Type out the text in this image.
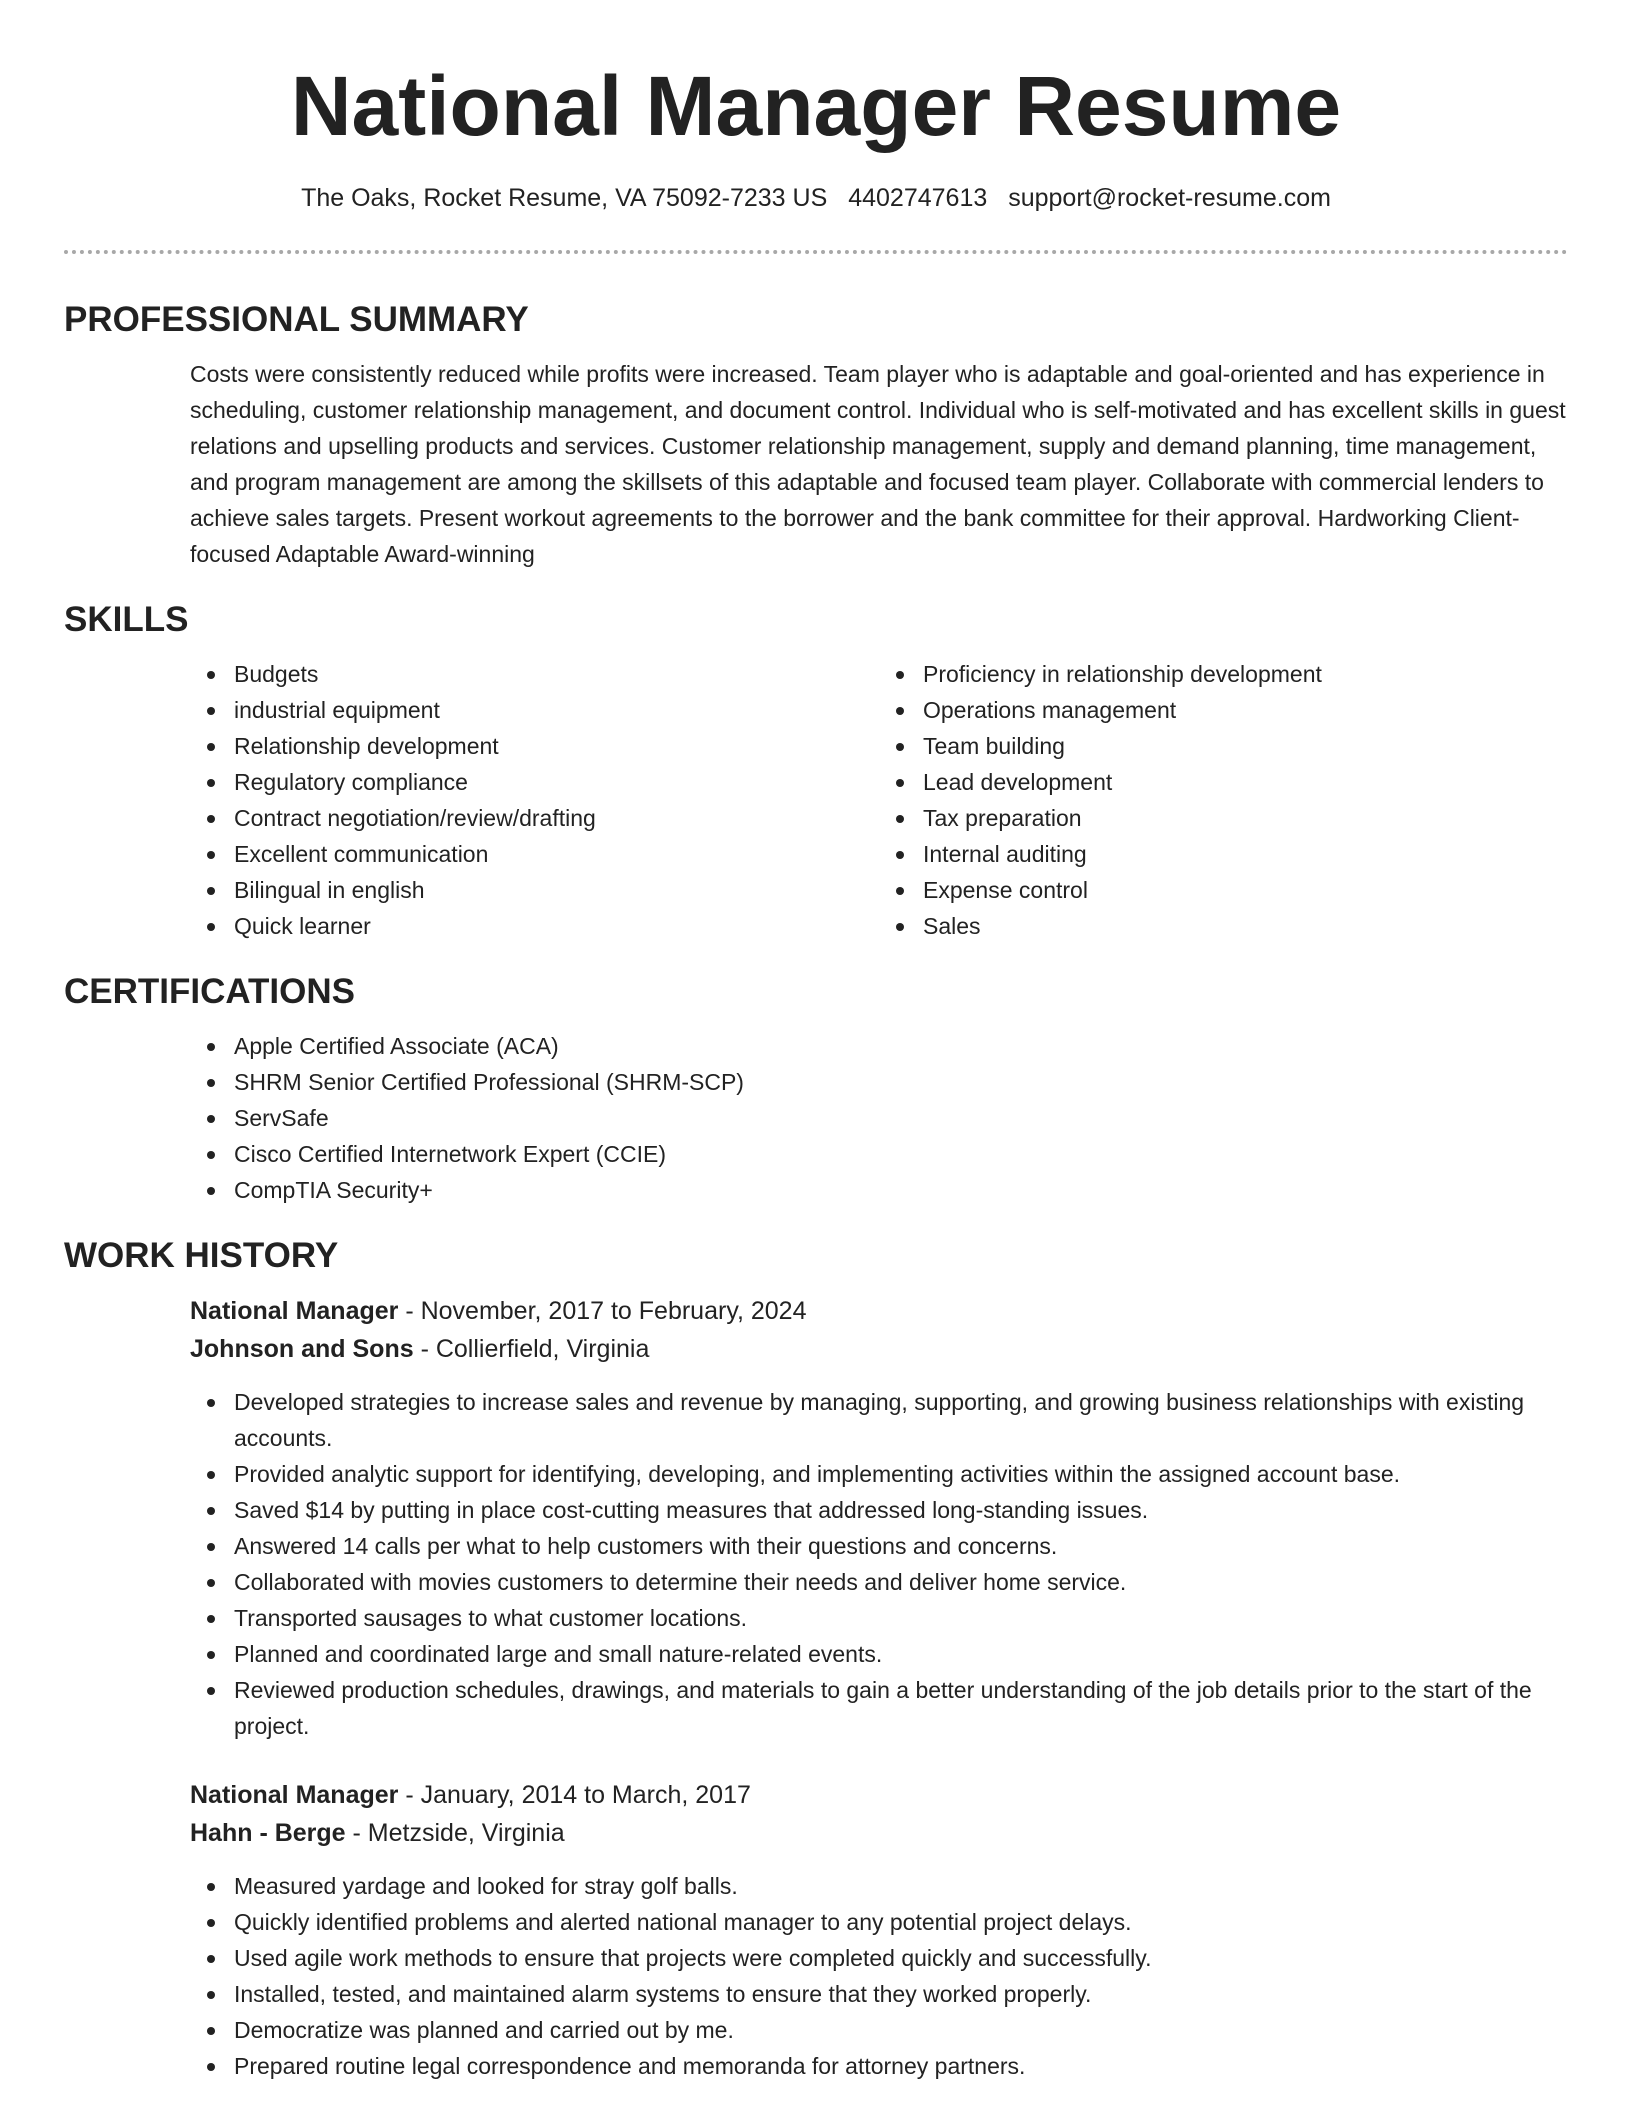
National Manager Resume
The Oaks, Rocket Resume, VA 75092-7233 US 4402747613 support@rocket-resume.com
PROFESSIONAL SUMMARY

Costs were consistently reduced while profits were increased. Team player who is adaptable and goal-oriented and has experience in scheduling, customer relationship management, and document control. Individual who is self-motivated and has excellent skills in guest relations and upselling products and services. Customer relationship management, supply and demand planning, time management, and program management are among the skillsets of this adaptable and focused team player. Collaborate with commercial lenders to achieve sales targets. Present workout agreements to the borrower and the bank committee for their approval. Hardworking Client-focused Adaptable Award-winning

SKILLS
Budgets
industrial equipment
Relationship development
Regulatory compliance
Contract negotiation/review/drafting
Excellent communication
Bilingual in english
Quick learner
Proficiency in relationship development
Operations management
Team building
Lead development
Tax preparation
Internal auditing
Expense control
Sales
CERTIFICATIONS
Apple Certified Associate (ACA)
SHRM Senior Certified Professional (SHRM-SCP)
ServSafe
Cisco Certified Internetwork Expert (CCIE)
CompTIA Security+
WORK HISTORY
National Manager - November, 2017 to February, 2024
Johnson and Sons - Collierfield, Virginia
Developed strategies to increase sales and revenue by managing, supporting, and growing business relationships with existing accounts.
Provided analytic support for identifying, developing, and implementing activities within the assigned account base.
Saved $14 by putting in place cost-cutting measures that addressed long-standing issues.
Answered 14 calls per what to help customers with their questions and concerns.
Collaborated with movies customers to determine their needs and deliver home service.
Transported sausages to what customer locations.
Planned and coordinated large and small nature-related events.
Reviewed production schedules, drawings, and materials to gain a better understanding of the job details prior to the start of the project.
National Manager - January, 2014 to March, 2017
Hahn - Berge - Metzside, Virginia
Measured yardage and looked for stray golf balls.
Quickly identified problems and alerted national manager to any potential project delays.
Used agile work methods to ensure that projects were completed quickly and successfully.
Installed, tested, and maintained alarm systems to ensure that they worked properly.
Democratize was planned and carried out by me.
Prepared routine legal correspondence and memoranda for attorney partners.
